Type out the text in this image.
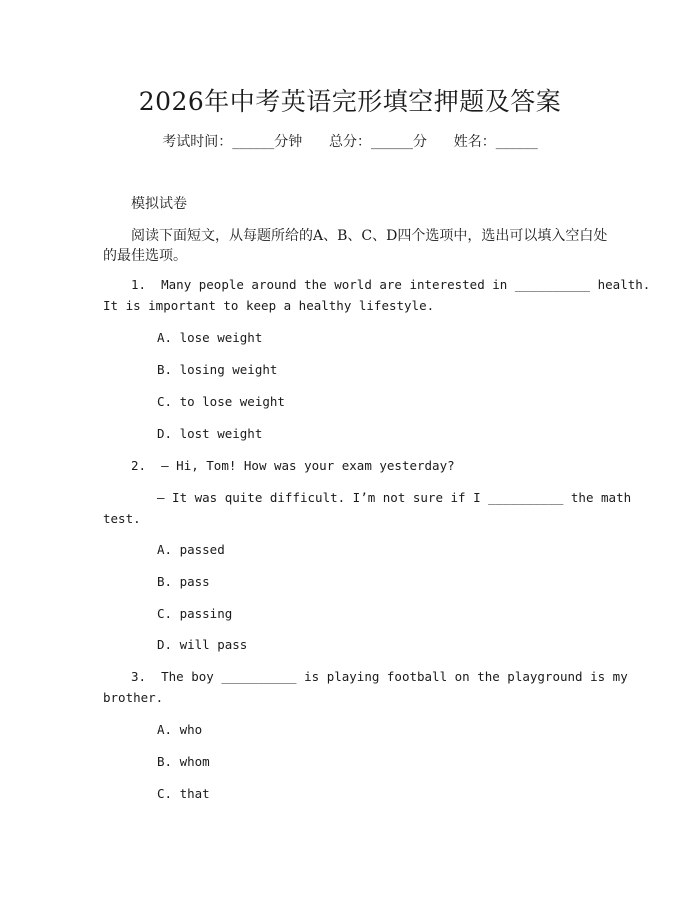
2026年中考英语完形填空押题及答案
考试时间：______分钟 总分：______分 姓名：______
模拟试卷
阅读下面短文，从每题所给的A、B、C、D四个选项中，选出可以填入空白处
的最佳选项。
1. Many people around the world are interested in __________ health.
It is important to keep a healthy lifestyle.
A. lose weight
B. losing weight
C. to lose weight
D. lost weight
2. — Hi, Tom! How was your exam yesterday?
— It was quite difficult. I’m not sure if I __________ the math
test.
A. passed
B. pass
C. passing
D. will pass
3. The boy __________ is playing football on the playground is my
brother.
A. who
B. whom
C. that
